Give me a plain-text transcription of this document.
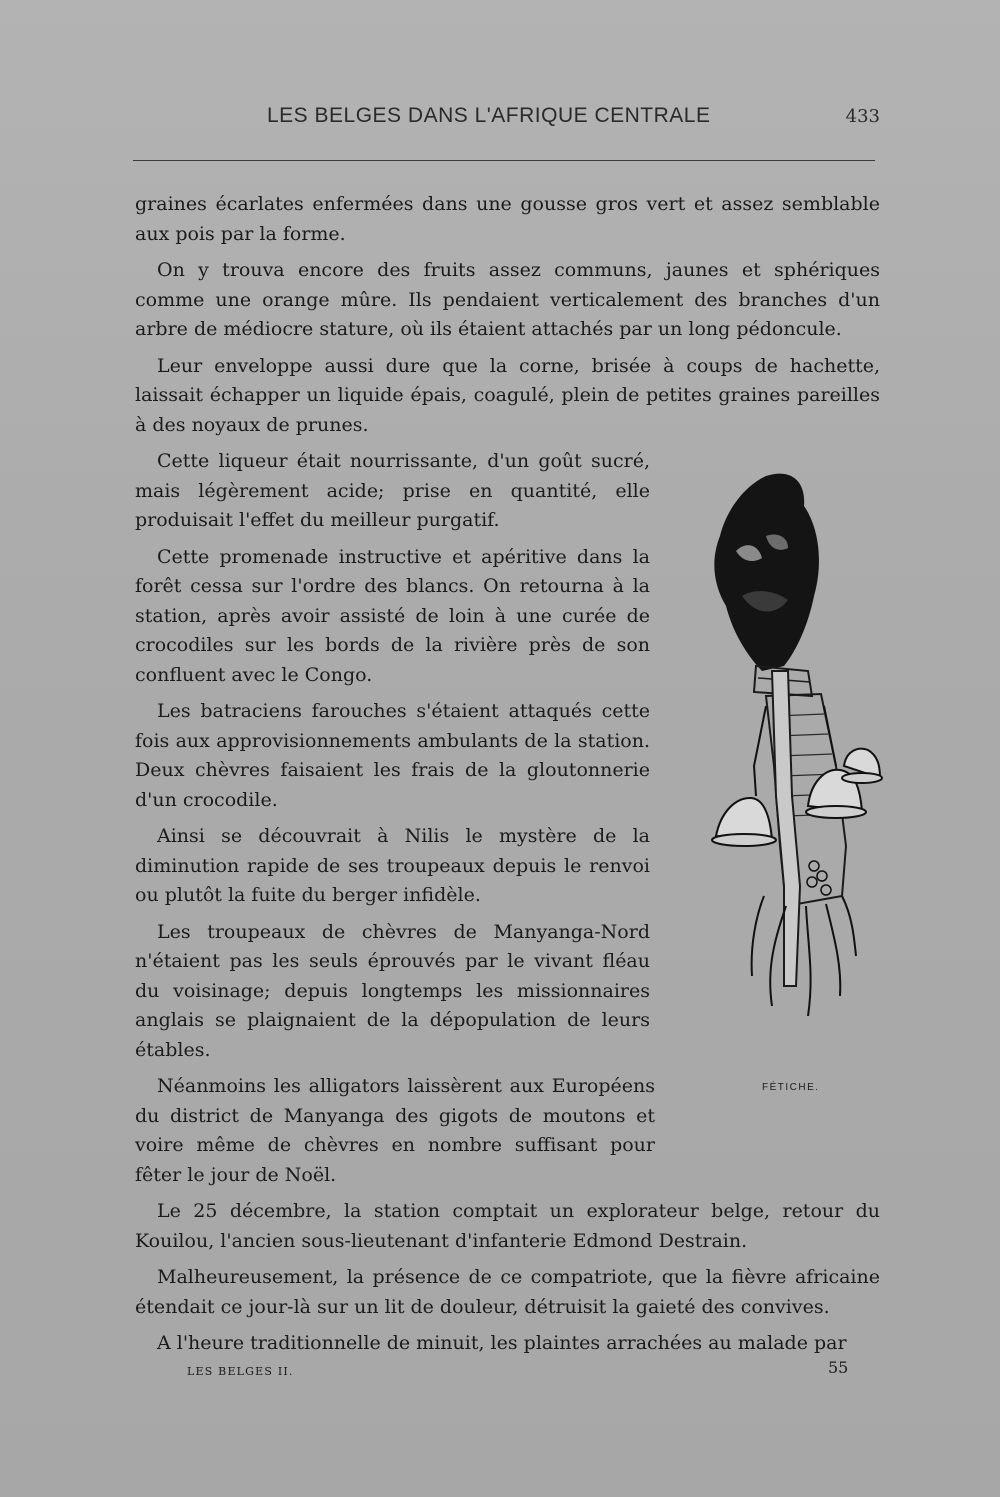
LES BELGES DANS L'AFRIQUE CENTRALE	433

graines écarlates enfermées dans une gousse gros vert et assez semblable aux pois par la forme.

On y trouva encore des fruits assez communs, jaunes et sphériques comme une orange mûre. Ils pendaient verticalement des branches d'un arbre de médiocre stature, où ils étaient attachés par un long pédoncule.

Leur enveloppe aussi dure que la corne, brisée à coups de hachette, laissait échapper un liquide épais, coagulé, plein de petites graines pareilles à des noyaux de prunes.

Cette liqueur était nourrissante, d'un goût sucré, mais légèrement acide; prise en quantité, elle produisait l'effet du meilleur purgatif.

Cette promenade instructive et apéritive dans la forêt cessa sur l'ordre des blancs. On retourna à la station, après avoir assisté de loin à une curée de crocodiles sur les bords de la rivière près de son confluent avec le Congo.

Les batraciens farouches s'étaient attaqués cette fois aux approvisionnements ambulants de la station. Deux chèvres faisaient les frais de la gloutonnerie d'un crocodile.

Ainsi se découvrait à Nilis le mystère de la diminution rapide de ses troupeaux depuis le renvoi ou plutôt la fuite du berger infidèle.

Les troupeaux de chèvres de Manyanga-Nord n'étaient pas les seuls éprouvés par le vivant fléau du voisinage; depuis longtemps les missionnaires anglais se plaignaient de la dépopulation de leurs étables.

Néanmoins les alligators laissèrent aux Européens du district de Manyanga des gigots de moutons et voire même de chèvres en nombre suffisant pour fêter le jour de Noël.

Le 25 décembre, la station comptait un explorateur belge, retour du Kouilou, l'ancien sous-lieutenant d'infanterie Edmond Destrain.

Malheureusement, la présence de ce compatriote, que la fièvre africaine étendait ce jour-là sur un lit de douleur, détruisit la gaieté des convives.

A l'heure traditionnelle de minuit, les plaintes arrachées au malade par

FÉTICHE.
LES BELGES II.	55
